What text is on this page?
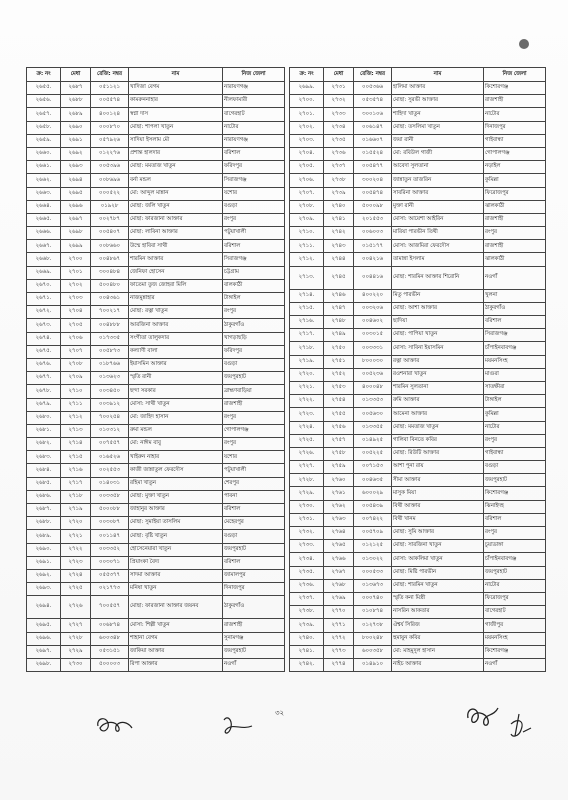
ক্র: নং	মেধা	রেজি: নম্বর	নাম	নিজ জেলা
২৬৫৫.	২৬৮৭	০৫১১২১	খাদিজা বেগম	নারায়ণগঞ্জ
২৬৫৬.	২৬৮৮	০০৫৫৭৪	কামরুননাহার	নীলফামারী
২৬৫৭.	২৬৮৯	৪০০১২৪	স্বপ্না দাস	বাগেরহাট
২৬৫৮.	২৬৯০	০০০৮৭০	মোছা: শাপলা খাতুন	নাটোর
২৬৫৯.	২৬৯১	০৫৭৯২৬	সাদিয়া ইসলাম মৌ	নারায়ণগঞ্জ
২৬৬০.	২৬৯২	০১২২৭৬	প্রশান্ত হালদার	বরিশাল
২৬৬১.	২৬৯৩	০০৫৩৯৬	মোছা: মমতাজ খাতুন	ফরিদপুর
২৬৬২.	২৬৯৪	০০৮৬৯৬	বর্না মন্ডল	সিরাজগঞ্জ
২৬৬৩.	২৬৯৫	০০০৫২২	মো: আব্দুল মান্নান	যশোর
২৬৬৪.	২৬৯৬	০১৯২৮	মোছা: জলি খাতুন	বগুড়া
২৬৬৫.	২৬৯৭	০০২৭৮৭	মোছা: ফারজানা আক্তার	রংপুর
২৬৬৬.	২৬৯৮	০০৫৪০৭	মোছা: লাবিনা আক্তার	পটুয়াখালী
২৬৬৭.	২৬৯৯	০০৮৬৬০	উম্মে হাবিবা সাথী	বরিশাল
২৬৬৮.	২৭০০	০০৪৮৬৭	শারমিন আক্তার	সিরাজগঞ্জ
২৬৬৯.	২৭০১	৩০০৪৮৪	জেনিফা হোসেন	চট্টগ্রাম
২৬৭০.	২৭০২	৫০০৪৮০	ফাতেমা তুজ জোহরা মিলি	বালকাঠী
২৬৭১.	২৭০৩	০০৪৩৬১	নাজমুন্নাহার	টাঙ্গাইল
২৬৭২.	২৭০৪	৭০০২১৭	মোছা: রত্না খাতুন	রংপুর
২৬৭৩.	২৭০৫	০০৪৮৮৮	আরজিনা আক্তার	ঠাকুরগাঁও
২৬৭৪.	২৭০৬	০১৭৩৩৫	সংগীতা তালুকদার	খাগড়াছড়ি
২৬৭৫.	২৭০৭	০০৫৮৭৩	কল্যাণী বালা	ফরিদপুর
২৬৭৬.	২৭০৮	০১৮৭৬৬	ইয়াসমিন আক্তার	বগুড়া
২৬৭৭.	২৭০৯	০১৩৬২৩	স্মৃতি রানী	জয়পুরহাট
২৬৭৮.	২৭১০	০০৩৪৫০	ছন্দা সরকার	ব্রাহ্মণবাড়িয়া
২৬৭৯.	২৭১১	০০৩৯১২	মোসা: সাথী খাতুন	রাজশাহী
২৬৮০.	২৭১২	৭০০২৫৪	মো: জাহিদ হাসান	রংপুর
২৬৮১.	২৭১৩	০১০৩১২	রুমা মন্ডল	গোপালগঞ্জ
২৬৮২.	২৭১৪	০০৭৫৫৭	মো: নাঈম বাবু	রংপুর
২৬৮৩.	২৭১৫	০১৬৫২৬	খাইরুন নাহার	যশোর
২৬৮৪.	২৭১৬	০০২৫৫৩	কাজী জান্নাতুল ফেরদৌস	পটুয়াখালী
২৬৮৫.	২৭১৭	০১৪০৩১	রহিমা খাতুন	শেরপুর
২৬৮৬.	২৭১৮	০০৩৩৫৮	মোছা: মুক্তা খাতুন	পাবনা
২৬৮৭.	২৭১৯	৫০০০৮৮	জাহানুর আক্তার	বরিশাল
২৬৮৮.	২৭২০	০০৩০৮৭	মোছা: সুমাইয়া তাসলিম	মেহেরপুর
২৬৮৯.	২৭২১	০০১১৪৭	মোছা: বৃষ্টি খাতুন	বগুড়া
২৬৯০.	২৭২২	০০৩৩৫২	হোসেনেয়ারা খাতুন	জয়পুরহাট
২৬৯১.	২৭২৩	০০৩০৭১	প্রিয়াংকা বৈদ্য	বরিশাল
২৬৯২.	২৭২৪	০৫৫৩৭৭	সাদমা আক্তার	জামালপুর
২৬৯৩.	২৭২৫	০২১৭৭৩	মনিষা খাতুন	দিনাজপুর
২৬৯৪.	২৭২৬	৭০০৫৫৭	মোছা: ফারজানা আক্তার জয়নব	ঠাকুরগাঁও
২৬৯৫.	২৭২৭	০০৬৮৭৪	মোসা: শিল্পী খাতুন	রাজশাহী
২৬৯৬.	২৭২৮	৬০০৩৪৮	শাহানা বেগম	সুনামগঞ্জ
২৬৯৭.	২৭২৯	০৫৩১৫১	জাকিয়া আক্তার	জয়পুরহাট
২৬৯৮.	২৭৩০	৫০০০০৩	রিপা আক্তার	নওগাঁ
ক্র: নং	মেধা	রেজি: নম্বর	নাম	নিজ জেলা
২৬৯৯.	২৭৩১	০০৫৩৬৬	হালিমা আক্তার	কিশোরগঞ্জ
২৭০০.	২৭৩২	০৫৩৫৭৪	মোছা: সুরভী আক্তার	রাজশাহী
২৭০১.	২৭৩৩	৩০০১০৬	শাহিদা খাতুন	নাটোর
২৭০২.	২৭৩৪	০০৬১৪৭	মোছা: তসলিমা খাতুন	দিনাজপুর
২৭০৩.	২৭৩৫	০১৬৬০৭	জয়া রানী	গাইবান্ধা
২৭০৪.	২৭৩৬	০১৫৫২৪	মো: রবিউল গাজী	গোপালগঞ্জ
২৭০৫.	২৭৩৭	০০৫৪৭৭	আবেদা সুলতানা	নড়াইল
২৭০৬.	২৭৩৮	৩০০২০৪	জান্নাতুন তাজরিন	কুমিল্লা
২৭০৭.	২৭৩৯	০০৫৪৭৪	সাবরিনা আক্তার	ফিরোজপুর
২৭০৮.	২৭৪০	৫০০০৯৮	মুক্তা রানী	ঝালকাঠী
২৭০৯.	২৭৪১	২০১৫৫৩	মোসা: আয়েশা আইরিন	রাজশাহী
২৭১০.	২৭৪২	০০৬০০৩	মারিয়া পারভীন তিথী	রংপুর
২৭১১.	২৭৪৩	০১৫১৭৭	মোসা: আজমিরা ফেরদৌস	রাজশাহী
২৭১২.	২৭৪৪	০০৪২১৬	তামান্না ইসলাম	ঝালকাঠী
২৭১৩.	২৭৪৫	০০৪৪১৬	মোছা: শারমিন আক্তার শিরোনি	নওগাঁ
২৭১৪.	২৭৪৬	৪০০২২০	মিতু পারভীন	খুলনা
২৭১৫.	২৭৪৭	০০৩২০৬	মোছা: আশা আক্তার	ঠাকুরগাঁও
২৭১৬.	২৭৪৮	০০৪৬০২	ছাদিয়া	বরিশাল
২৭১৭.	২৭৪৯	০০৩০১৫	মোছা: পাপিয়া খাতুন	সিরাজগঞ্জ
২৭১৮.	২৭৫০	০০৩৩৩১	মোসা: সাবিনা ইয়াসমিন	চাঁপাইনবাবগঞ্জ
২৭১৯.	২৭৫১	৮০০০৩০	রত্না আক্তার	ময়মনসিংহ
২৭২০.	২৭৫২	০০৫২৩৬	রওশনারা খাতুন	মাগুরা
২৭২১.	২৭৫৩	৪০০০৪৮	শারমিন সুলতানা	সাতক্ষীরা
২৭২২.	২৭৫৪	০১৩৩৫৩	রুমি আক্তার	টাঙ্গাইল
২৭২৩.	২৭৫৫	০০৫৬৩০	আমেনা আক্তার	কুমিল্লা
২৭২৪.	২৭৫৬	০১৩৩৫৫	মোছা: মমতাজ খাতুন	নাটোর
২৭২৫.	২৭৫৭	০১৪৯২৫	গালিবা বিনতে কবির	রংপুর
২৭২৬.	২৭৫৮	০০৫২২৫	মোছা: রিউটি আক্তার	গাইবান্ধা
২৭২৭.	২৭৫৯	০০৭১৫৩	আশা পুনা রায়	বগুড়া
২৭২৮.	২৭৬০	০০৪৬৩৫	সীমা আক্তার	জয়পুরহাট
২৭২৯.	২৭৬১	৬০০০২৯	মাসুক মিয়া	কিশোরগঞ্জ
২৭৩০.	২৭৬২	০০৫৪৩৯	বিথী আক্তার	ঝিনাইদহ
২৭৩১.	২৭৬৩	০০৭৪২২	বিথী খানম	বরিশাল
২৭৩২.	২৭৬৪	০০৫৭০৯	মোছা: সুমি আক্তার	রংপুর
২৭৩৩.	২৭৬৫	০১২১২৫	মোছা: সারজিনা খাতুন	চুয়াডাঙ্গা
২৭৩৪.	২৭৬৬	০১৩০২২	মোসা: আকলিমা খাতুন	চাঁপাইনবাবগঞ্জ
২৭৩৫.	২৭৬৭	০০০৫৩৩	মোছা: মিষ্টি পারভীন	জয়পুরহাট
২৭৩৬.	২৭৬৮	০১৩৬৭৩	মোছা: শারমিন খাতুন	নাটোর
২৭৩৭.	২৭৬৯	০০০৭৪০	স্মৃতি কনা মিস্ত্রী	ফিরোজপুর
২৭৩৮.	২৭৭০	০১০৮৭৪	নাসরিন আকতার	বাগেরহাট
২৭৩৯.	২৭৭১	০১২৭৩৮	ঐশ্বর্য সিরিজ	গাজীপুর
২৭৪০.	২৭৭২	৮০০২৪৮	হুমায়ুন কবির	ময়মনসিংহ
২৭৪১.	২৭৭৩	৬০০৩৫৮	মো: মাহমুদুল হাসান	কিশোরগঞ্জ
২৭৪২.	২৭৭৪	০১৪৯১০	নাইচ আক্তার	নওগাঁ
৩২
